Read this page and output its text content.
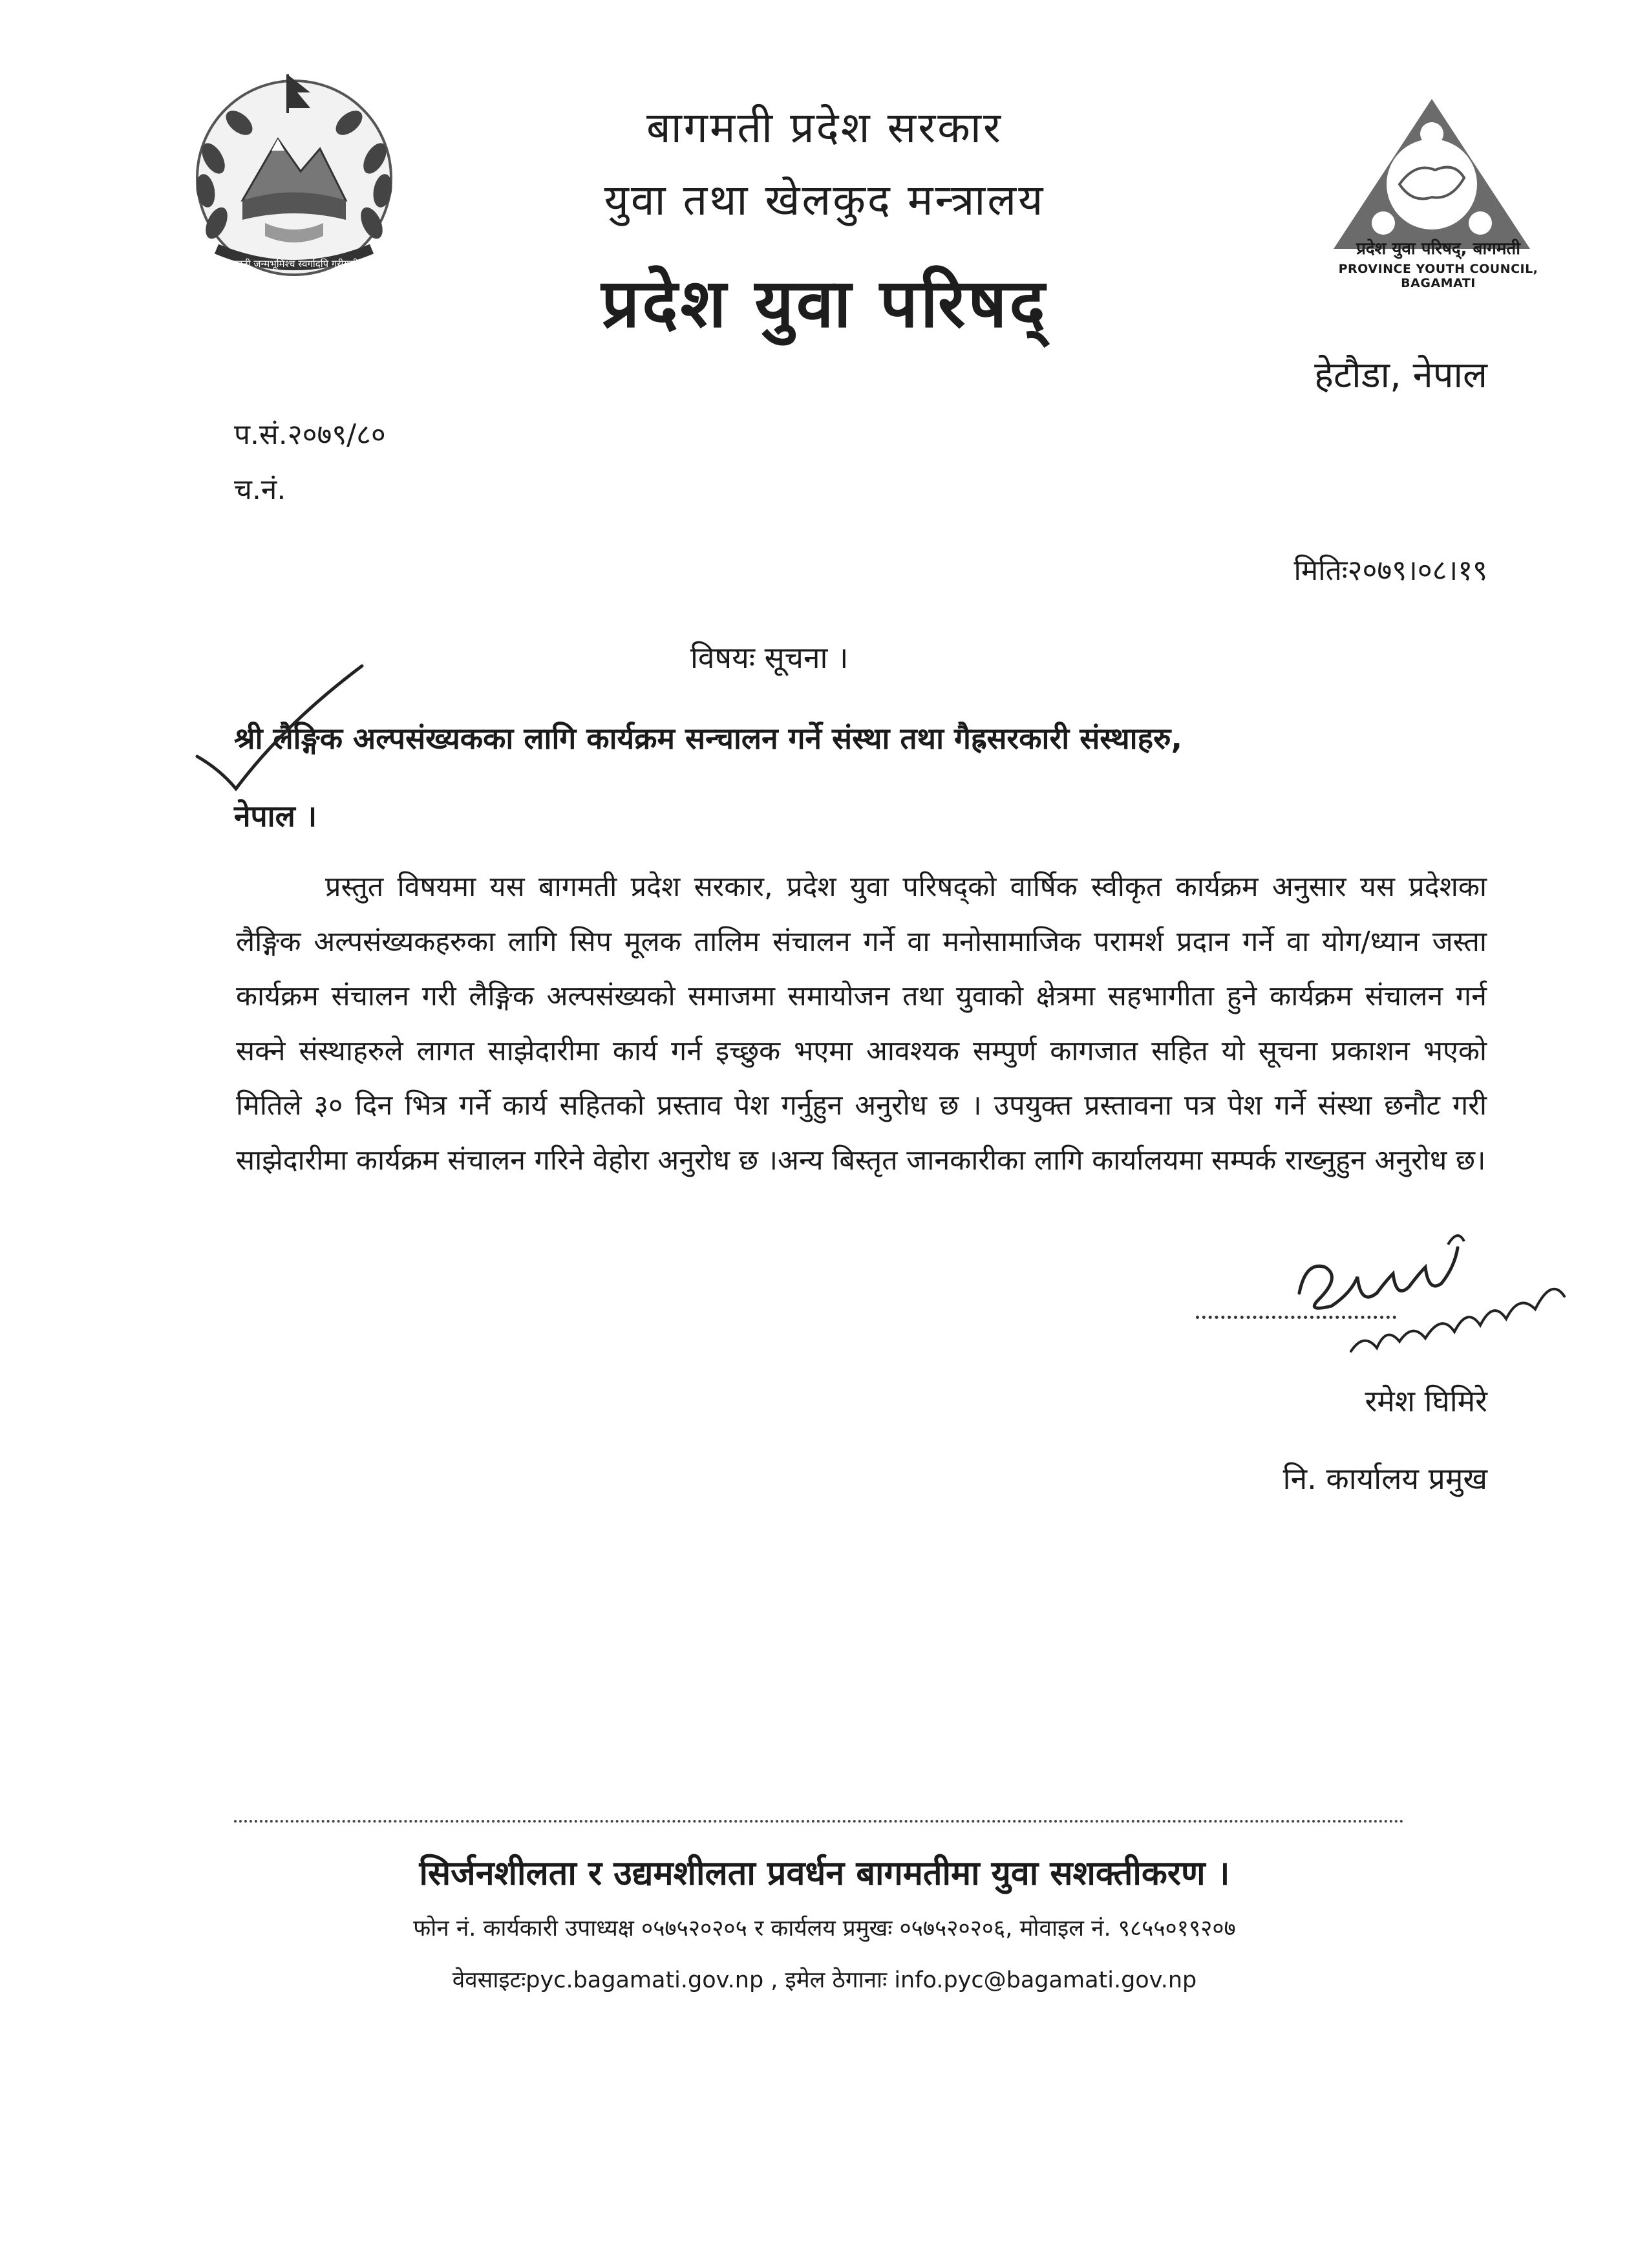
जननी जन्मभूमिश्च स्वर्गादपि गरीयसी
बागमती प्रदेश सरकार
युवा तथा खेलकुद मन्त्रालय
प्रदेश युवा परिषद्
प्रदेश युवा परिषद्, बागमती
PROVINCE YOUTH COUNCIL, BAGAMATI
हेटौडा, नेपाल
प.सं.२०७९/८०
च.नं.
मितिः२०७९।०८।१९
विषयः सूचना ।
श्री लैङ्गिक अल्पसंख्यकका लागि कार्यक्रम सन्चालन गर्ने संस्था तथा गैह्रसरकारी संस्थाहरु,
नेपाल ।
प्रस्तुत विषयमा यस बागमती प्रदेश सरकार, प्रदेश युवा परिषद्को वार्षिक स्वीकृत कार्यक्रम अनुसार यस प्रदेशका लैङ्गिक अल्पसंख्यकहरुका लागि सिप मूलक तालिम संचालन गर्ने वा मनोसामाजिक परामर्श प्रदान गर्ने वा योग/ध्यान जस्ता कार्यक्रम संचालन गरी लैङ्गिक अल्पसंख्यको समाजमा समायोजन तथा युवाको क्षेत्रमा सहभागीता हुने कार्यक्रम संचालन गर्न सक्ने संस्थाहरुले लागत साझेदारीमा कार्य गर्न इच्छुक भएमा आवश्यक सम्पुर्ण कागजात सहित यो सूचना प्रकाशन भएको मितिले ३० दिन भित्र गर्ने कार्य सहितको प्रस्ताव पेश गर्नुहुन अनुरोध छ । उपयुक्त प्रस्तावना पत्र पेश गर्ने संस्था छनौट गरी साझेदारीमा कार्यक्रम संचालन गरिने वेहोरा अनुरोध छ ।अन्य बिस्तृत जानकारीका लागि कार्यालयमा सम्पर्क राख्नुहुन अनुरोध छ।
रमेश घिमिरे
नि. कार्यालय प्रमुख
सिर्जनशीलता र उद्यमशीलता प्रवर्धन बागमतीमा युवा सशक्तीकरण ।
फोन नं. कार्यकारी उपाध्यक्ष ०५७५२०२०५ र कार्यलय प्रमुखः ०५७५२०२०६, मोवाइल नं. ९८५५०१९२०७
वेवसाइटःpyc.bagamati.gov.np , इमेल ठेगानाः info.pyc@bagamati.gov.np
